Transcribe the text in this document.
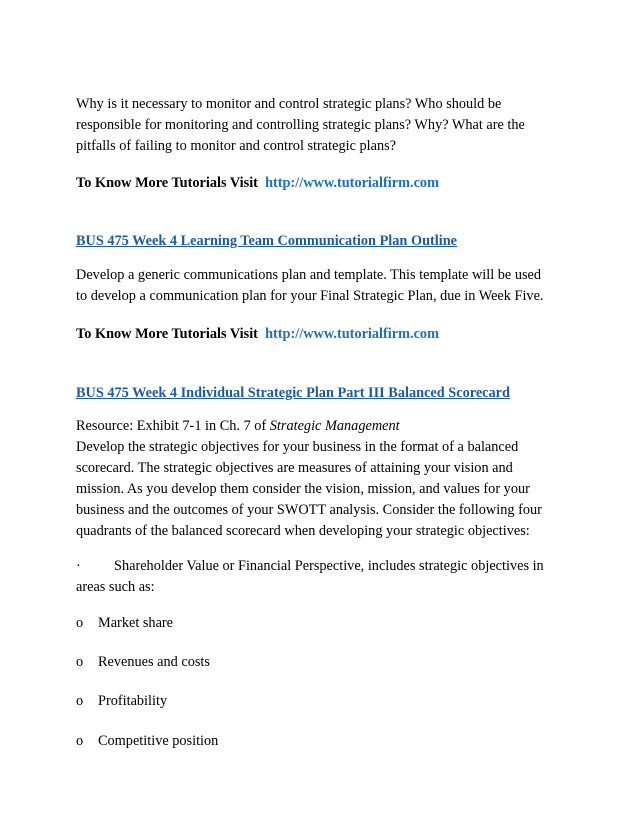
Why is it necessary to monitor and control strategic plans? Who should be
responsible for monitoring and controlling strategic plans? Why? What are the
pitfalls of failing to monitor and control strategic plans?
To Know More Tutorials Visit http://www.tutorialfirm.com
BUS 475 Week 4 Learning Team Communication Plan Outline
Develop a generic communications plan and template. This template will be used
to develop a communication plan for your Final Strategic Plan, due in Week Five.
To Know More Tutorials Visit http://www.tutorialfirm.com
BUS 475 Week 4 Individual Strategic Plan Part III Balanced Scorecard
Resource: Exhibit 7-1 in Ch. 7 of Strategic Management
Develop the strategic objectives for your business in the format of a balanced
scorecard. The strategic objectives are measures of attaining your vision and
mission. As you develop them consider the vision, mission, and values for your
business and the outcomes of your SWOTT analysis. Consider the following four
quadrants of the balanced scorecard when developing your strategic objectives:
· Shareholder Value or Financial Perspective, includes strategic objectives in
areas such as:
o Market share
o Revenues and costs
o Profitability
o Competitive position
